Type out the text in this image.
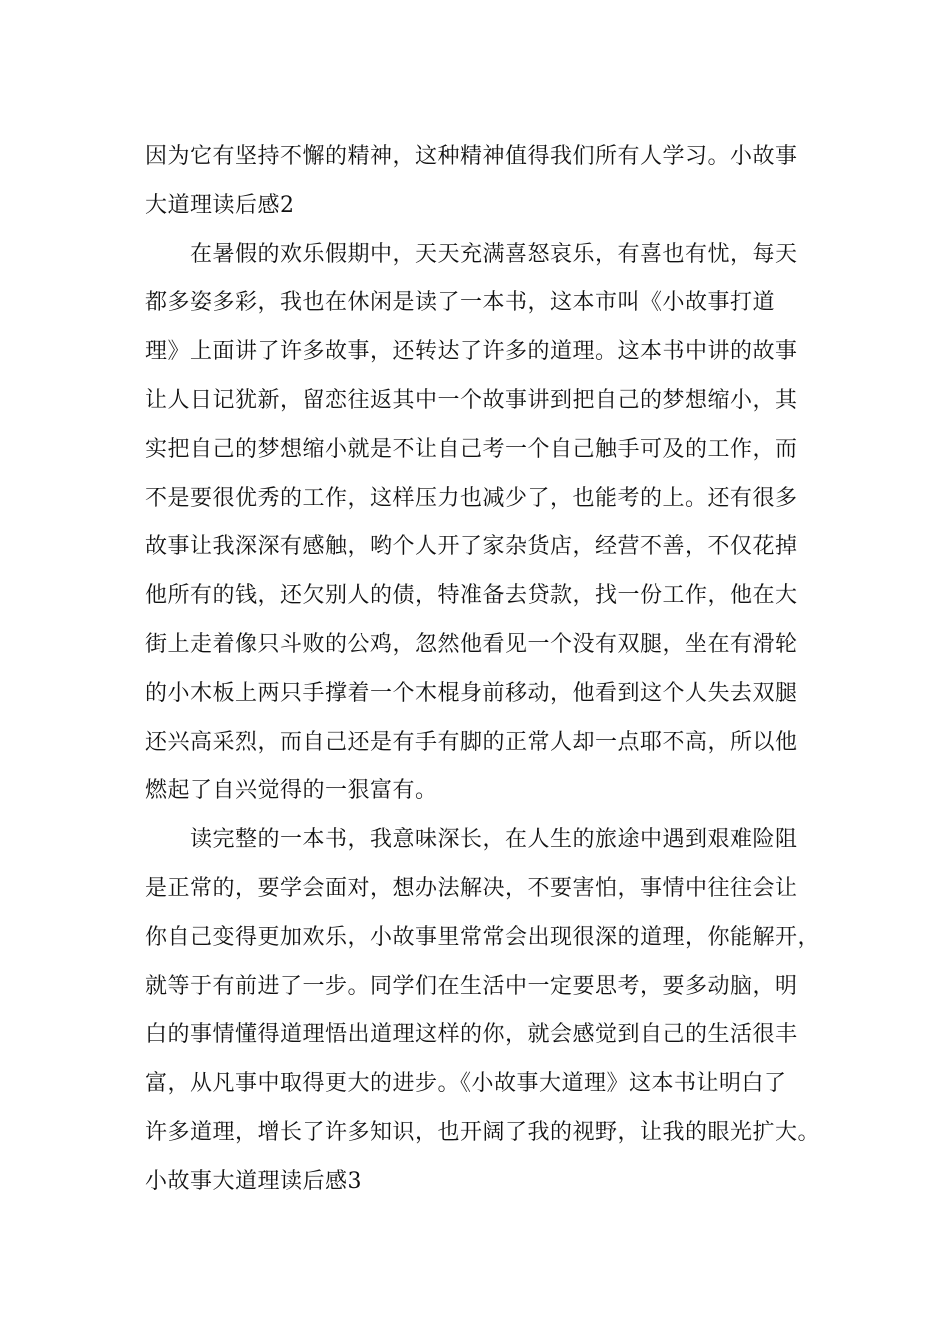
因为它有坚持不懈的精神，这种精神值得我们所有人学习。小故事
大道理读后感2
　　在暑假的欢乐假期中，天天充满喜怒哀乐，有喜也有忧，每天
都多姿多彩，我也在休闲是读了一本书，这本市叫《小故事打道
理》上面讲了许多故事，还转达了许多的道理。这本书中讲的故事
让人日记犹新，留恋往返其中一个故事讲到把自己的梦想缩小，其
实把自己的梦想缩小就是不让自己考一个自己触手可及的工作，而
不是要很优秀的工作，这样压力也减少了，也能考的上。还有很多
故事让我深深有感触，哟个人开了家杂货店，经营不善，不仅花掉
他所有的钱，还欠别人的债，特准备去贷款，找一份工作，他在大
街上走着像只斗败的公鸡，忽然他看见一个没有双腿，坐在有滑轮
的小木板上两只手撑着一个木棍身前移动，他看到这个人失去双腿
还兴高采烈，而自己还是有手有脚的正常人却一点耶不高，所以他
燃起了自兴觉得的一狠富有。
　　读完整的一本书，我意味深长，在人生的旅途中遇到艰难险阻
是正常的，要学会面对，想办法解决，不要害怕，事情中往往会让
你自己变得更加欢乐，小故事里常常会出现很深的道理，你能解开，
就等于有前进了一步。同学们在生活中一定要思考，要多动脑，明
白的事情懂得道理悟出道理这样的你，就会感觉到自己的生活很丰
富，从凡事中取得更大的进步。《小故事大道理》这本书让明白了
许多道理，增长了许多知识，也开阔了我的视野，让我的眼光扩大。
小故事大道理读后感3
